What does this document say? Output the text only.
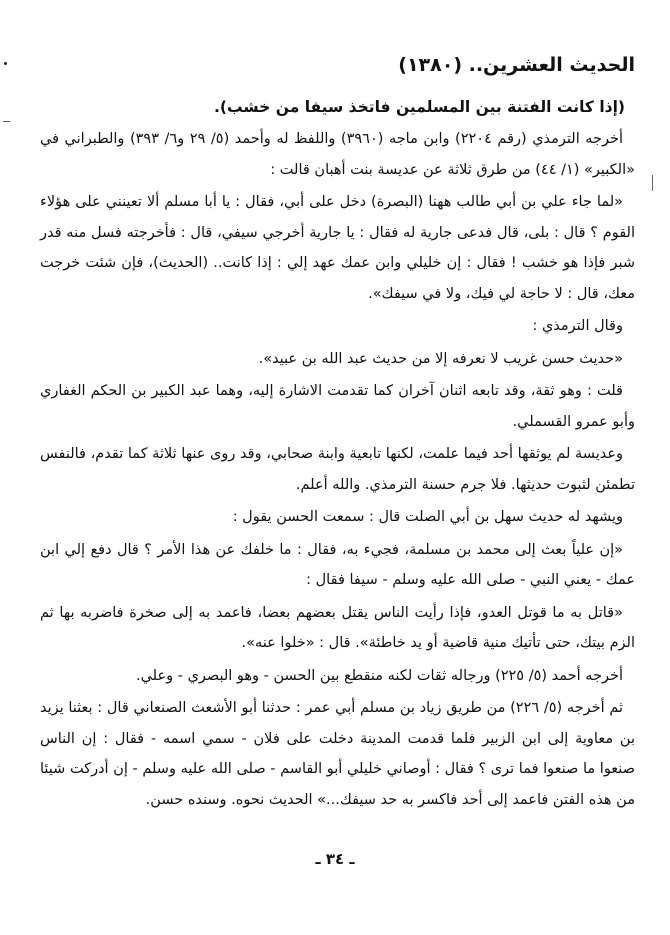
الحديث العشرين.. (١٣٨٠)

(إذا كانت الفتنة بين المسلمين فاتخذ سيفا من خشب).

أخرجه الترمذي (رقم ٢٢٠٤) وابن ماجه (٣٩٦٠) واللفظ له وأحمد (٥/ ٢٩ و٦/ ٣٩٣) والطبراني في «الكبير» (١/ ٤٤) من طرق ثلاثة عن عديسة بنت أهبان قالت :

«لما جاء علي بن أبي طالب ههنا (البصرة) دخل على أبي، فقال : يا أبا مسلم ألا تعينني على هؤلاء القوم ؟ قال : بلى، قال فدعى جارية له فقال : يا جارية أخرجي سيفي، قال : فأخرجته فسل منه قدر شبر فإذا هو خشب ! فقال : إن خليلي وابن عمك عهد إلي : إذا كانت.. (الحديث)، فإن شئت خرجت معك، قال : لا حاجة لي فيك، ولا في سيفك».

وقال الترمذي :

«حديث حسن غريب لا نعرفه إلا من حديث عبد الله بن عبيد».

قلت : وهو ثقة، وقد تابعه اثنان آخران كما تقدمت الاشارة إليه، وهما عبد الكبير بن الحكم الغفاري وأبو عمرو القسملي.

وعديسة لم يوثقها أحد فيما علمت، لكنها تابعية وابنة صحابي، وقد روى عنها ثلاثة كما تقدم، فالنفس تطمئن لثبوت حديثها. فلا جرم حسنة الترمذي. والله أعلم.

ويشهد له حديث سهل بن أبي الصلت قال : سمعت الحسن يقول :

«إن علياً بعث إلى محمد بن مسلمة، فجيء به، فقال : ما خلفك عن هذا الأمر ؟ قال دفع إلي ابن عمك - يعني النبي - صلى الله عليه وسلم - سيفا فقال :

«قاتل به ما قوتل العدو، فإذا رأيت الناس يقتل بعضهم بعضا، فاعمد به إلى صخرة فاضربه بها ثم الزم بيتك، حتى تأتيك منية قاضية أو يد خاطئة». قال : «خلوا عنه».

أخرجه أحمد (٥/ ٢٢٥) ورجاله ثقات لكنه منقطع بين الحسن - وهو البصري - وعلي.

ثم أخرجه (٥/ ٢٢٦) من طريق زياد بن مسلم أبي عمر : حدثنا أبو الأشعث الصنعاني قال : بعثنا يزيد بن معاوية إلى ابن الزبير فلما قدمت المدينة دخلت على فلان - سمي اسمه - فقال : إن الناس صنعوا ما صنعوا فما ترى ؟ فقال : أوصاني خليلي أبو القاسم - صلى الله عليه وسلم - إن أدركت شيئا من هذه الفتن فاعمد إلى أحد فاكسر به حد سيفك...» الحديث نحوه. وسنده حسن.

ـ ٣٤ ـ
